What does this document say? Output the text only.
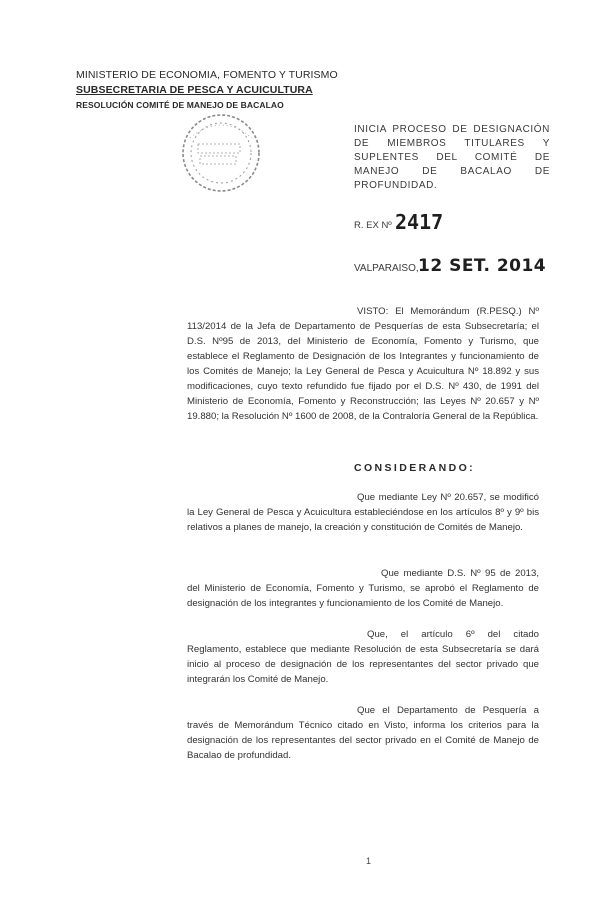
MINISTERIO DE ECONOMIA, FOMENTO Y TURISMO
SUBSECRETARIA DE PESCA Y ACUICULTURA
RESOLUCIÓN COMITÉ DE MANEJO DE BACALAO
INICIA PROCESO DE DESIGNACIÓN DE MIEMBROS TITULARES Y SUPLENTES DEL COMITÉ DE MANEJO DE BACALAO DE PROFUNDIDAD.
R. EX Nº 2417
VALPARAISO, 12 SET. 2014

VISTO: El Memorándum (R.PESQ.) Nº 113/2014 de la Jefa de Departamento de Pesquerías de esta Subsecretaría; el D.S. Nº95 de 2013, del Ministerio de Economía, Fomento y Turismo, que establece el Reglamento de Designación de los Integrantes y funcionamiento de los Comités de Manejo; la Ley General de Pesca y Acuicultura Nº 18.892 y sus modificaciones, cuyo texto refundido fue fijado por el D.S. Nº 430, de 1991 del Ministerio de Economía, Fomento y Reconstrucción; las Leyes Nº 20.657 y Nº 19.880; la Resolución Nº 1600 de 2008, de la Contraloría General de la República.

CONSIDERANDO:

Que mediante Ley Nº 20.657, se modificó la Ley General de Pesca y Acuicultura estableciéndose en los artículos 8º y 9º bis relativos a planes de manejo, la creación y constitución de Comités de Manejo.

Que mediante D.S. Nº 95 de 2013, del Ministerio de Economía, Fomento y Turismo, se aprobó el Reglamento de designación de los integrantes y funcionamiento de los Comité de Manejo.

Que, el artículo 6º del citado Reglamento, establece que mediante Resolución de esta Subsecretaría se dará inicio al proceso de designación de los representantes del sector privado que integrarán los Comité de Manejo.

Que el Departamento de Pesquería a través de Memorándum Técnico citado en Visto, informa los criterios para la designación de los representantes del sector privado en el Comité de Manejo de Bacalao de profundidad.

1
